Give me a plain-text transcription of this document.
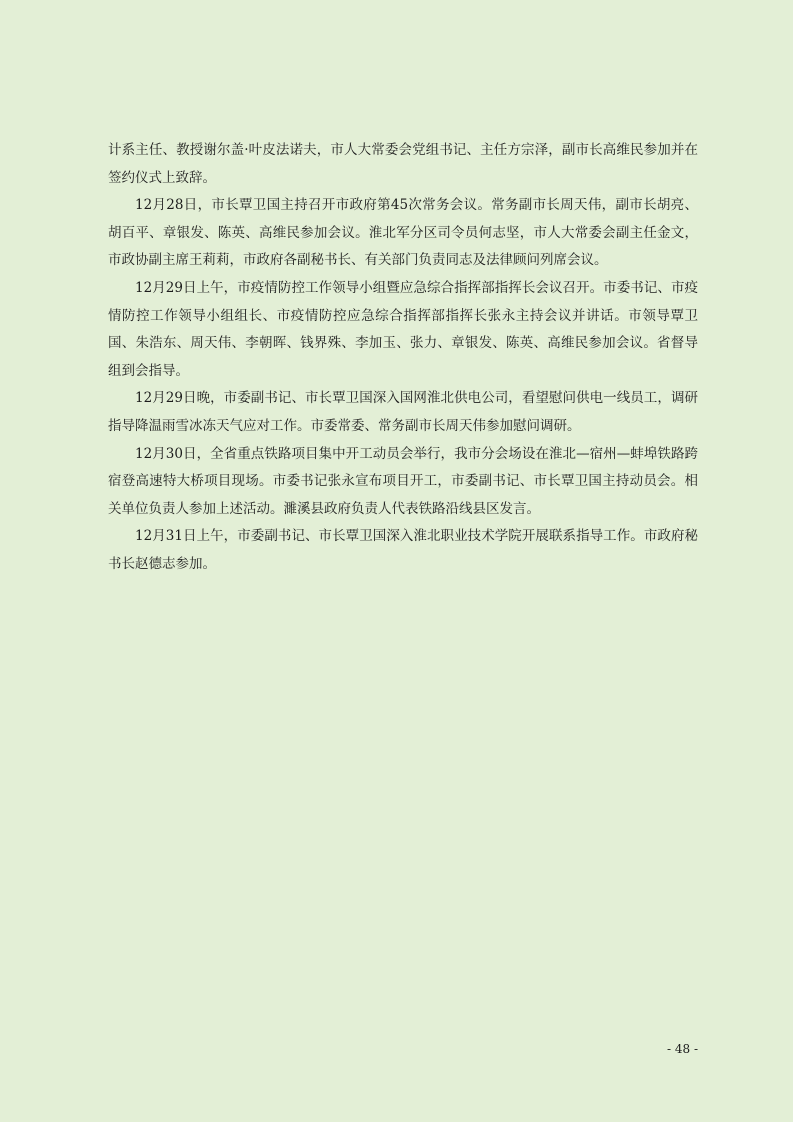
计系主任、教授谢尔盖·叶皮法诺夫，市人大常委会党组书记、主任方宗泽，副市长高维民参加并在签约仪式上致辞。

12月28日，市长覃卫国主持召开市政府第45次常务会议。常务副市长周天伟，副市长胡亮、胡百平、章银发、陈英、高维民参加会议。淮北军分区司令员何志坚，市人大常委会副主任金文，市政协副主席王莉莉，市政府各副秘书长、有关部门负责同志及法律顾问列席会议。

12月29日上午，市疫情防控工作领导小组暨应急综合指挥部指挥长会议召开。市委书记、市疫情防控工作领导小组组长、市疫情防控应急综合指挥部指挥长张永主持会议并讲话。市领导覃卫国、朱浩东、周天伟、李朝晖、钱界殊、李加玉、张力、章银发、陈英、高维民参加会议。省督导组到会指导。

12月29日晚，市委副书记、市长覃卫国深入国网淮北供电公司，看望慰问供电一线员工，调研指导降温雨雪冰冻天气应对工作。市委常委、常务副市长周天伟参加慰问调研。

12月30日，全省重点铁路项目集中开工动员会举行，我市分会场设在淮北—宿州—蚌埠铁路跨宿登高速特大桥项目现场。市委书记张永宣布项目开工，市委副书记、市长覃卫国主持动员会。相关单位负责人参加上述活动。濉溪县政府负责人代表铁路沿线县区发言。

12月31日上午，市委副书记、市长覃卫国深入淮北职业技术学院开展联系指导工作。市政府秘书长赵德志参加。

- 48 -
